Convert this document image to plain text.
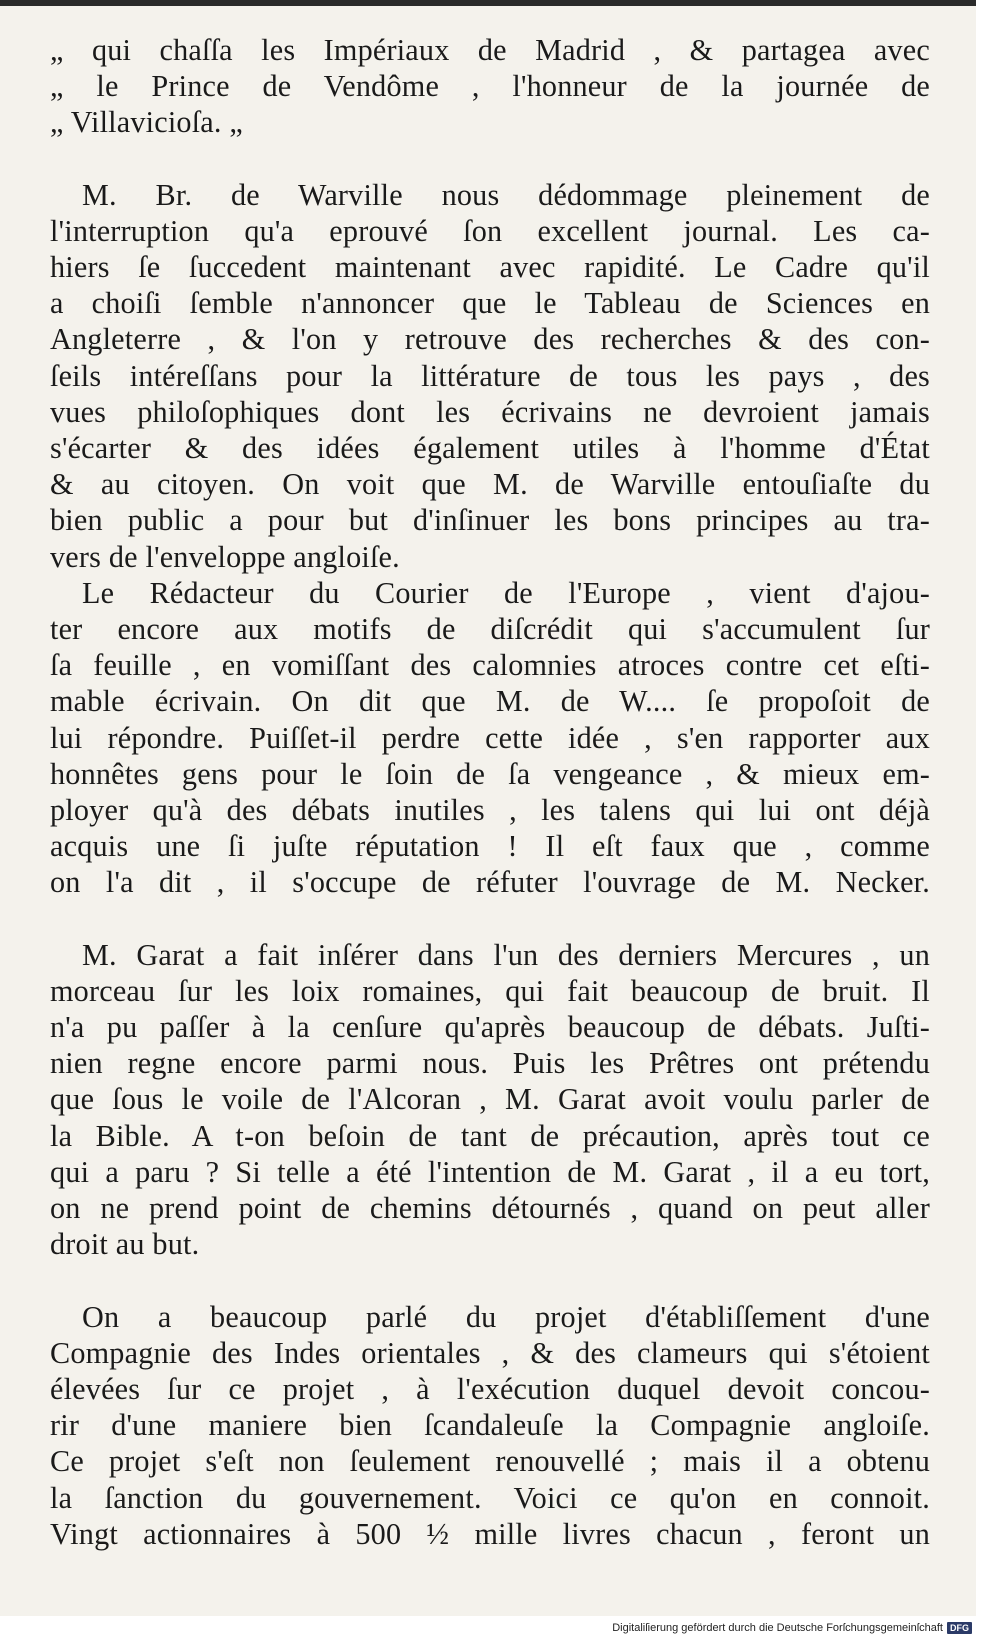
„ qui chaſſa les Impériaux de Madrid , & partagea avec
„ le Prince de Vendôme , l'honneur de la journée de
„ Villavicioſa. „

M. Br. de Warville nous dédommage pleinement de
l'interruption qu'a eprouvé ſon excellent journal. Les ca-
hiers ſe ſuccedent maintenant avec rapidité. Le Cadre qu'il
a choiſi ſemble n'annoncer que le Tableau de Sciences en
Angleterre , & l'on y retrouve des recherches & des con-
ſeils intéreſſans pour la littérature de tous les pays , des
vues philoſophiques dont les écrivains ne devroient jamais
s'écarter & des idées également utiles à l'homme d'État
& au citoyen. On voit que M. de Warville entouſiaſte du
bien public a pour but d'inſinuer les bons principes au tra-
vers de l'enveloppe angloiſe.

Le Rédacteur du Courier de l'Europe , vient d'ajou-
ter encore aux motifs de diſcrédit qui s'accumulent ſur
ſa feuille , en vomiſſant des calomnies atroces contre cet eſti-
mable écrivain. On dit que M. de W.... ſe propoſoit de
lui répondre. Puiſſet-il perdre cette idée , s'en rapporter aux
honnêtes gens pour le ſoin de ſa vengeance , & mieux em-
ployer qu'à des débats inutiles , les talens qui lui ont déjà
acquis une ſi juſte réputation ! Il eſt faux que , comme
on l'a dit , il s'occupe de réfuter l'ouvrage de M. Necker.

M. Garat a fait inſérer dans l'un des derniers Mercures , un
morceau ſur les loix romaines, qui fait beaucoup de bruit. Il
n'a pu paſſer à la cenſure qu'après beaucoup de débats. Juſti-
nien regne encore parmi nous. Puis les Prêtres ont prétendu
que ſous le voile de l'Alcoran , M. Garat avoit voulu parler de
la Bible. A t-on beſoin de tant de précaution, après tout ce
qui a paru ? Si telle a été l'intention de M. Garat , il a eu tort,
on ne prend point de chemins détournés , quand on peut aller
droit au but.

On a beaucoup parlé du projet d'établiſſement d'une
Compagnie des Indes orientales , & des clameurs qui s'étoient
élevées ſur ce projet , à l'exécution duquel devoit concou-
rir d'une maniere bien ſcandaleuſe la Compagnie angloiſe.
Ce projet s'eſt non ſeulement renouvellé ; mais il a obtenu
la ſanction du gouvernement. Voici ce qu'on en connoit.
Vingt actionnaires à 500 ½ mille livres chacun , feront un

Digitaliſierung gefördert durch die Deutsche Forſchungsgemeinſchaft DFG
